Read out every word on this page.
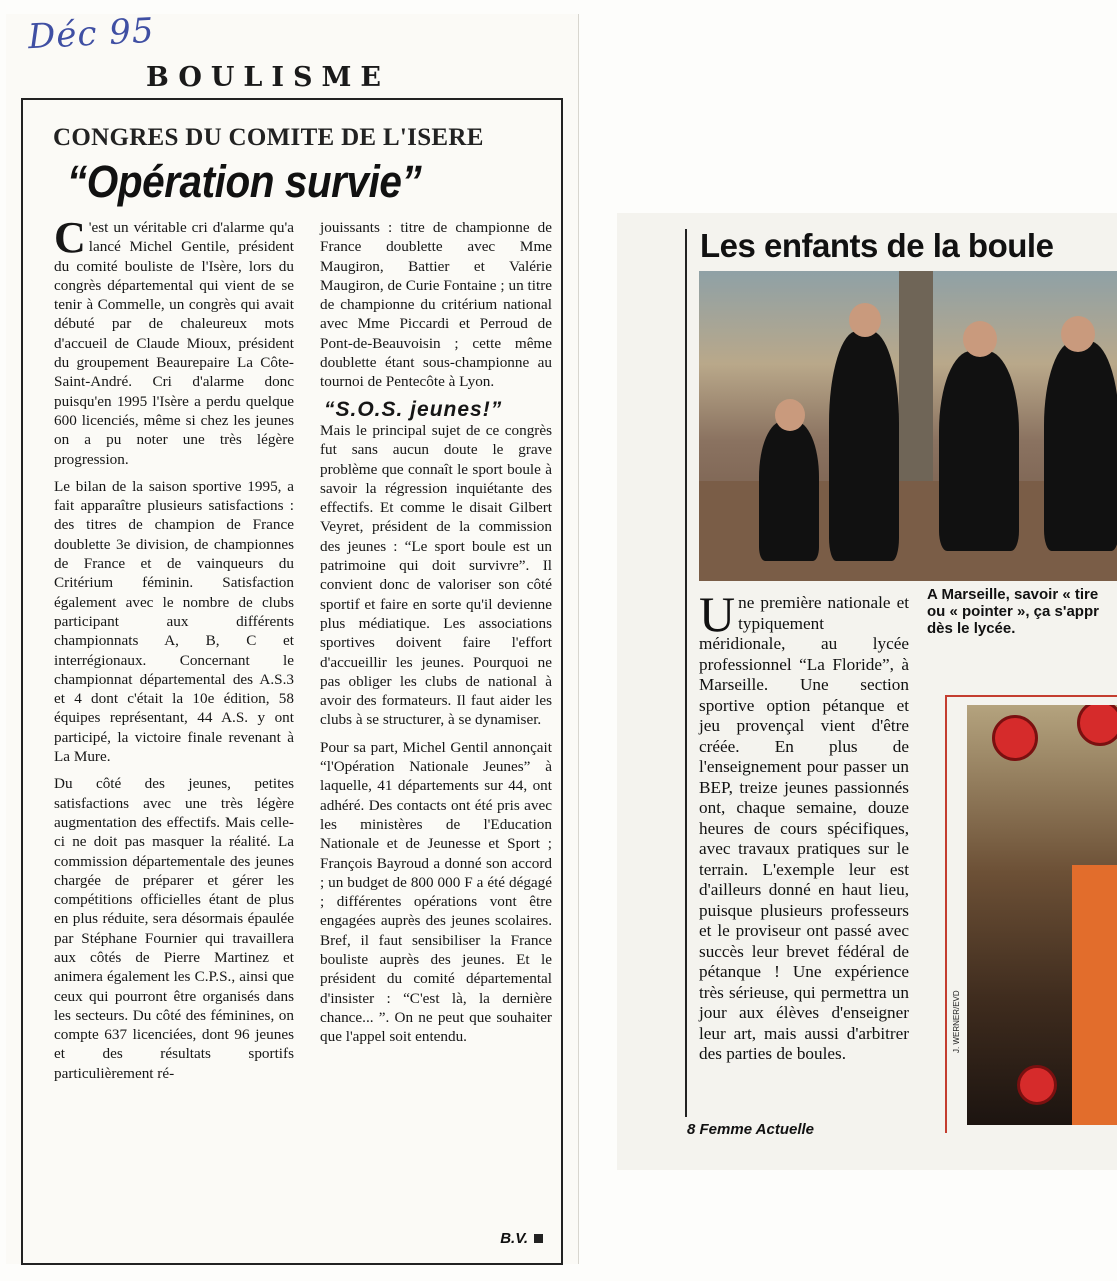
Déc 95
BOULISME
CONGRES DU COMITE DE L'ISERE
“Opération survie”

C 'est un véritable cri d'alarme qu'a lancé Michel Gentile, président du comité bouliste de l'Isère, lors du congrès départemental qui vient de se tenir à Commelle, un congrès qui avait débuté par de chaleureux mots d'accueil de Claude Mioux, président du groupement Beaurepaire La Côte-Saint-André. Cri d'alarme donc puisqu'en 1995 l'Isère a perdu quelque 600 licenciés, même si chez les jeunes on a pu noter une très légère progression.

Le bilan de la saison sportive 1995, a fait apparaître plusieurs satisfactions : des titres de champion de France doublette 3e division, de championnes de France et de vainqueurs du Critérium féminin. Satisfaction également avec le nombre de clubs participant aux différents championnats A, B, C et interrégionaux. Concernant le championnat départemental des A.S.3 et 4 dont c'était la 10e édition, 58 équipes représentant, 44 A.S. y ont participé, la victoire finale revenant à La Mure.

Du côté des jeunes, petites satisfactions avec une très légère augmentation des effectifs. Mais celle-ci ne doit pas masquer la réalité. La commission départementale des jeunes chargée de préparer et gérer les compétitions officielles étant de plus en plus réduite, sera désormais épaulée par Stéphane Fournier qui travaillera aux côtés de Pierre Martinez et animera également les C.P.S., ainsi que ceux qui pourront être organisés dans les secteurs. Du côté des féminines, on compte 637 licenciées, dont 96 jeunes et des résultats sportifs particulièrement ré-

jouissants : titre de championne de France doublette avec Mme Maugiron, Battier et Valérie Maugiron, de Curie Fontaine ; un titre de championne du critérium national avec Mme Piccardi et Perroud de Pont-de-Beauvoisin ; cette même doublette étant sous-championne au tournoi de Pentecôte à Lyon.

“S.O.S. jeunes!”

Mais le principal sujet de ce congrès fut sans aucun doute le grave problème que connaît le sport boule à savoir la régression inquiétante des effectifs. Et comme le disait Gilbert Veyret, président de la commission des jeunes : “Le sport boule est un patrimoine qui doit survivre”. Il convient donc de valoriser son côté sportif et faire en sorte qu'il devienne plus médiatique. Les associations sportives doivent faire l'effort d'accueillir les jeunes. Pourquoi ne pas obliger les clubs de national à avoir des formateurs. Il faut aider les clubs à se structurer, à se dynamiser.

Pour sa part, Michel Gentil annonçait “l'Opération Nationale Jeunes” à laquelle, 41 départements sur 44, ont adhéré. Des contacts ont été pris avec les ministères de l'Education Nationale et de Jeunesse et Sport ; François Bayroud a donné son accord ; un budget de 800 000 F a été dégagé ; différentes opérations vont être engagées auprès des jeunes scolaires. Bref, il faut sensibiliser la France bouliste auprès des jeunes. Et le président du comité départemental d'insister : “C'est là, la dernière chance... ”. On ne peut que souhaiter que l'appel soit entendu.

B.V.
Les enfants de la boule
A Marseille, savoir « tire
ou « pointer », ça s'appr
dès le lycée.
Une première nationale et typiquement méridionale, au lycée professionnel “La Floride”, à Marseille. Une section sportive option pétanque et jeu provençal vient d'être créée. En plus de l'enseignement pour passer un BEP, treize jeunes passionnés ont, chaque semaine, douze heures de cours spécifiques, avec travaux pratiques sur le terrain. L'exemple leur est d'ailleurs donné en haut lieu, puisque plusieurs professeurs et le proviseur ont passé avec succès leur brevet fédéral de pétanque ! Une expérience très sérieuse, qui permettra un jour aux élèves d'enseigner leur art, mais aussi d'arbitrer des parties de boules.
J. WERNER/EVD
8 Femme Actuelle
